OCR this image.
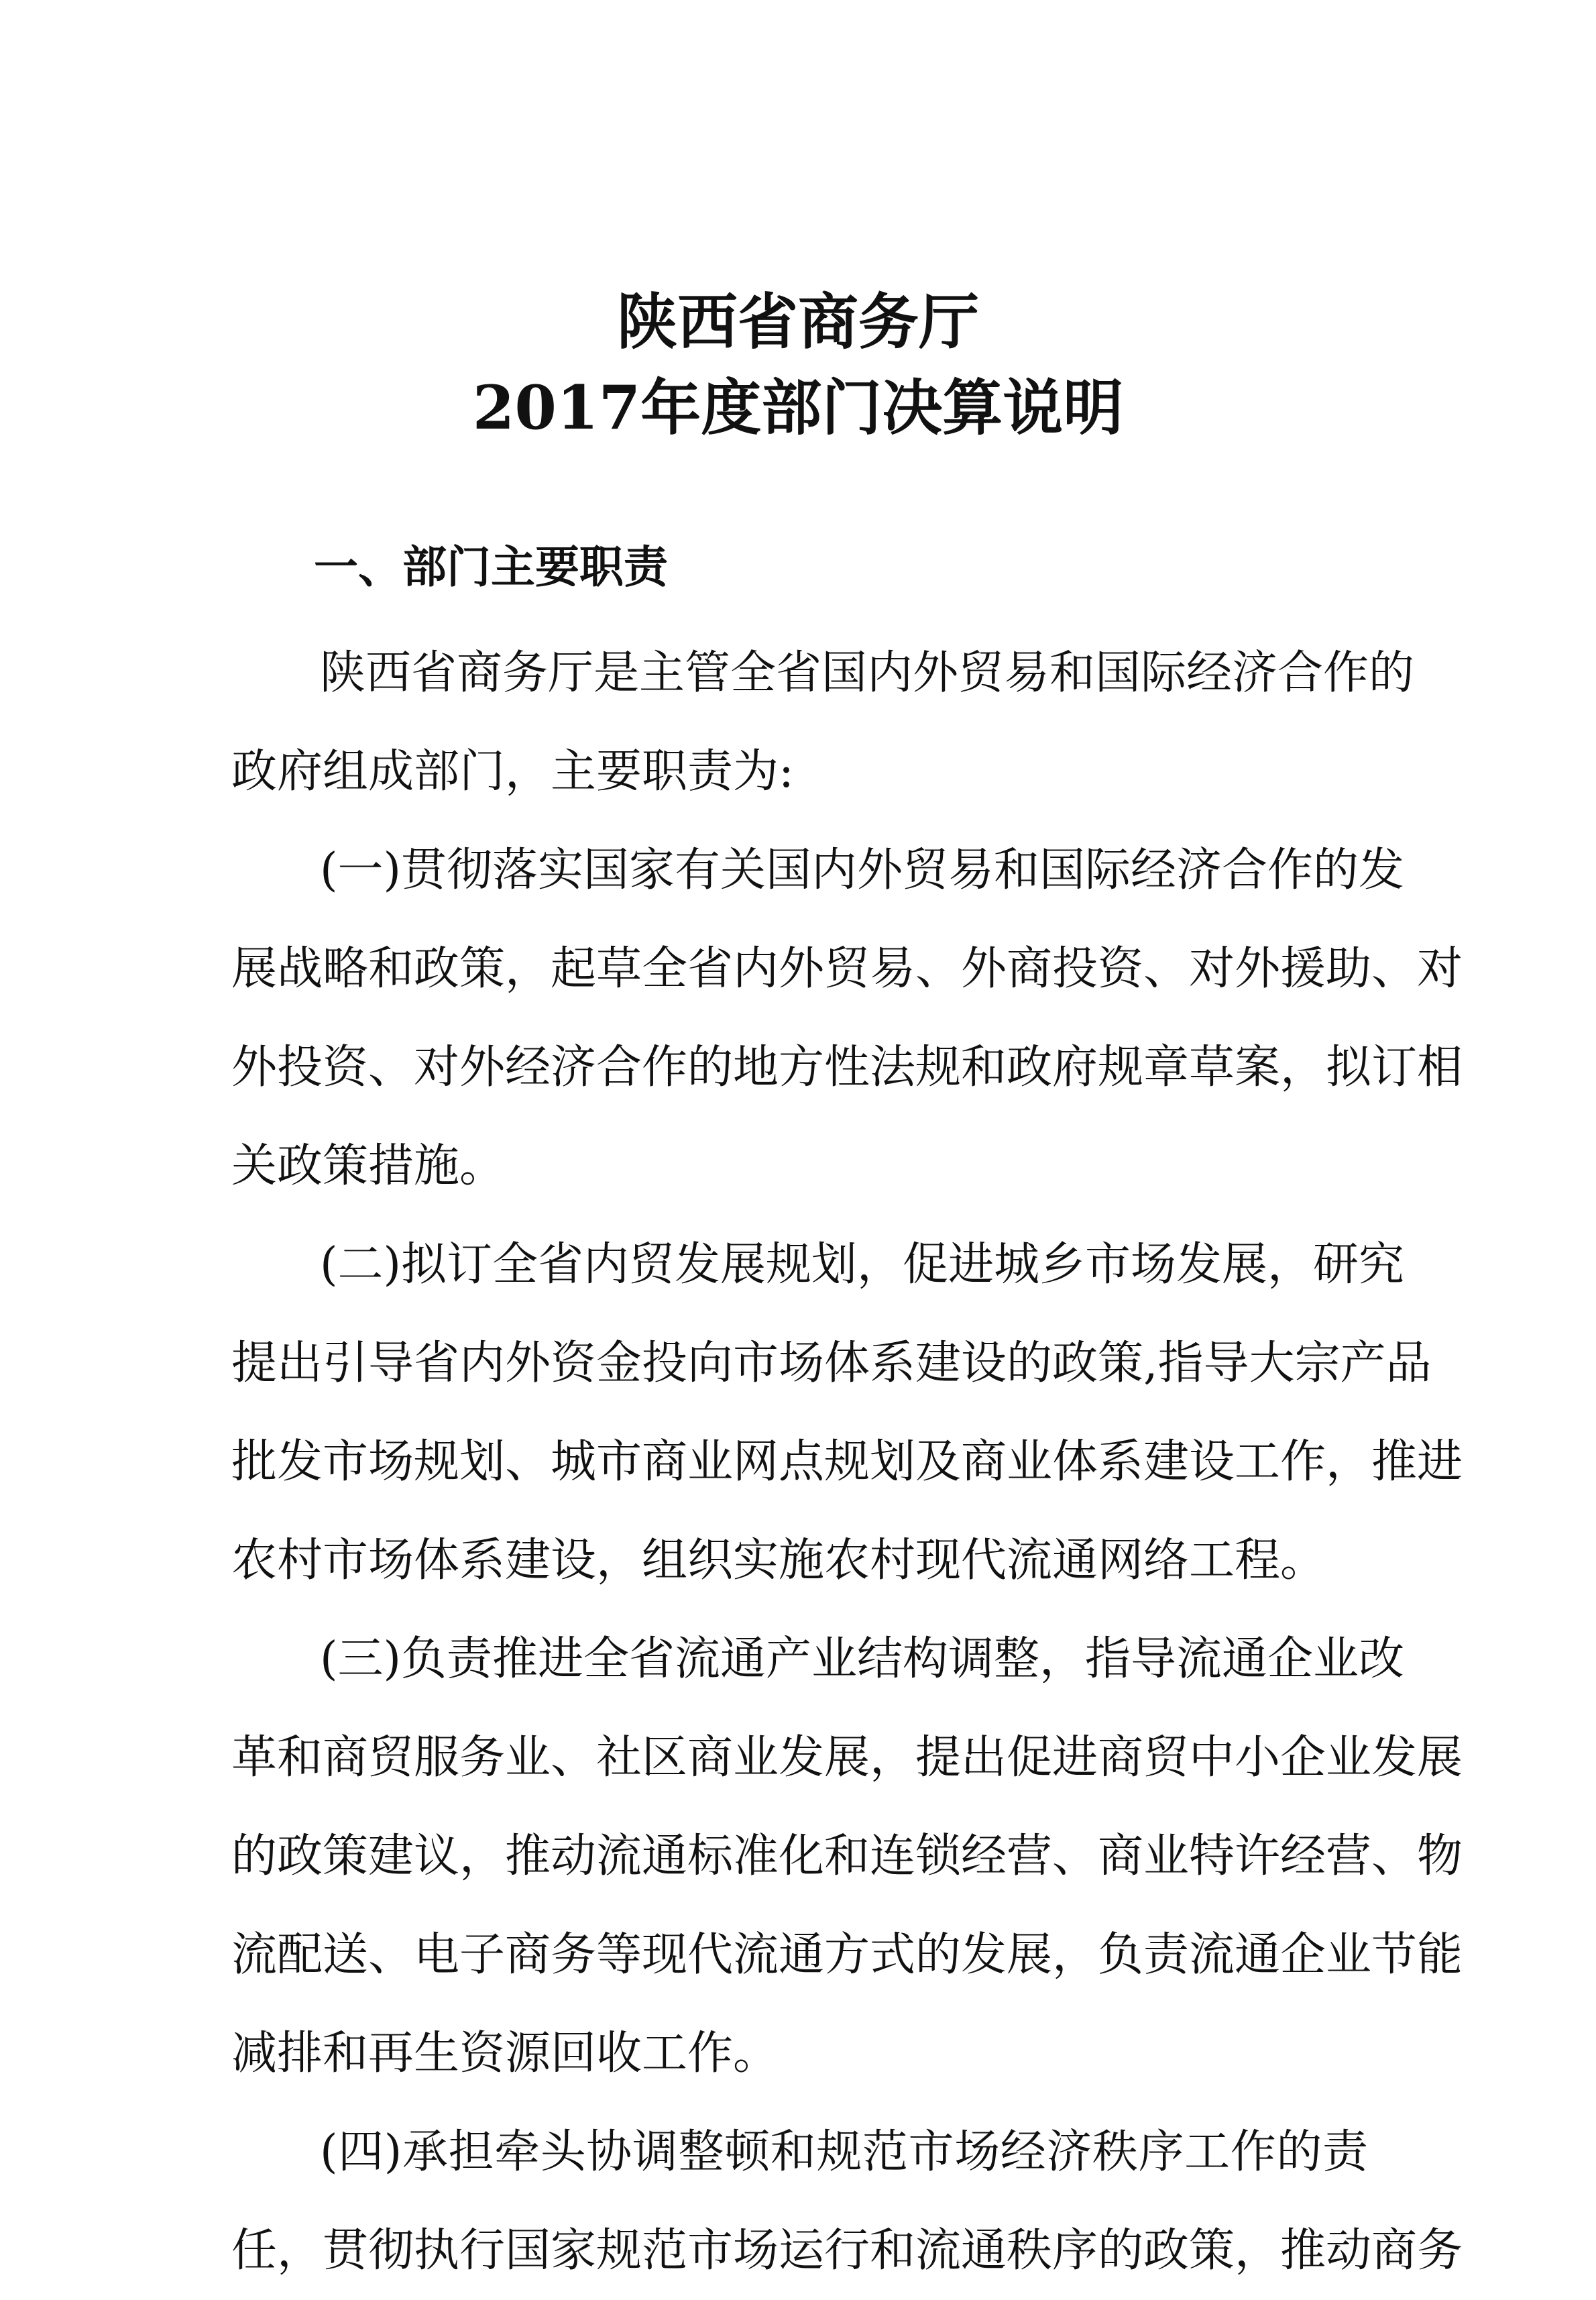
陕西省商务厅
2017年度部门决算说明
一、部门主要职责
陕西省商务厅是主管全省国内外贸易和国际经济合作的
政府组成部门，主要职责为:
(一)贯彻落实国家有关国内外贸易和国际经济合作的发
展战略和政策，起草全省内外贸易、外商投资、对外援助、对
外投资、对外经济合作的地方性法规和政府规章草案，拟订相
关政策措施。
(二)拟订全省内贸发展规划，促进城乡市场发展，研究
提出引导省内外资金投向市场体系建设的政策,指导大宗产品
批发市场规划、城市商业网点规划及商业体系建设工作，推进
农村市场体系建设，组织实施农村现代流通网络工程。
(三)负责推进全省流通产业结构调整，指导流通企业改
革和商贸服务业、社区商业发展，提出促进商贸中小企业发展
的政策建议，推动流通标准化和连锁经营、商业特许经营、物
流配送、电子商务等现代流通方式的发展，负责流通企业节能
减排和再生资源回收工作。
(四)承担牵头协调整顿和规范市场经济秩序工作的责
任，贯彻执行国家规范市场运行和流通秩序的政策，推动商务
